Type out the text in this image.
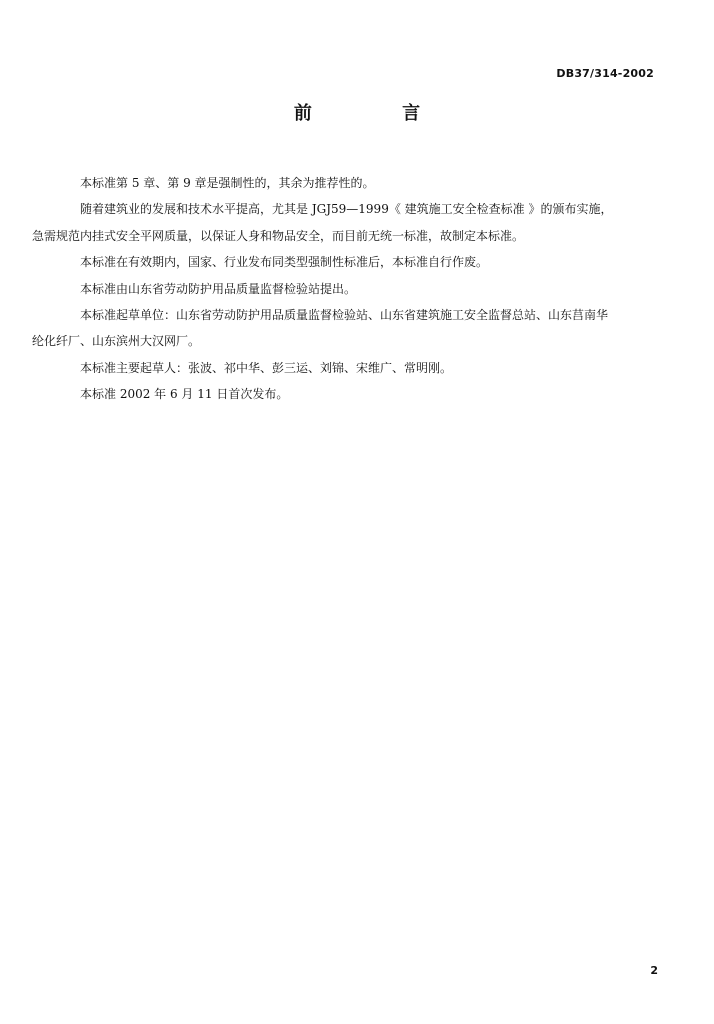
DB37/314-2002
前 言

本标准第 5 章、第 9 章是强制性的，其余为推荐性的。

随着建筑业的发展和技术水平提高，尤其是 JGJ59—1999《 建筑施工安全检查标准 》的颁布实施，
急需规范内挂式安全平网质量，以保证人身和物品安全，而目前无统一标准，故制定本标准。

本标准在有效期内，国家、行业发布同类型强制性标准后，本标准自行作废。

本标准由山东省劳动防护用品质量监督检验站提出。

本标准起草单位：山东省劳动防护用品质量监督检验站、山东省建筑施工安全监督总站、山东莒南华
纶化纤厂、山东滨州大汉网厂。

本标准主要起草人：张波、祁中华、彭三运、刘锦、宋维广、常明刚。

本标准 2002 年 6 月 11 日首次发布。

2
